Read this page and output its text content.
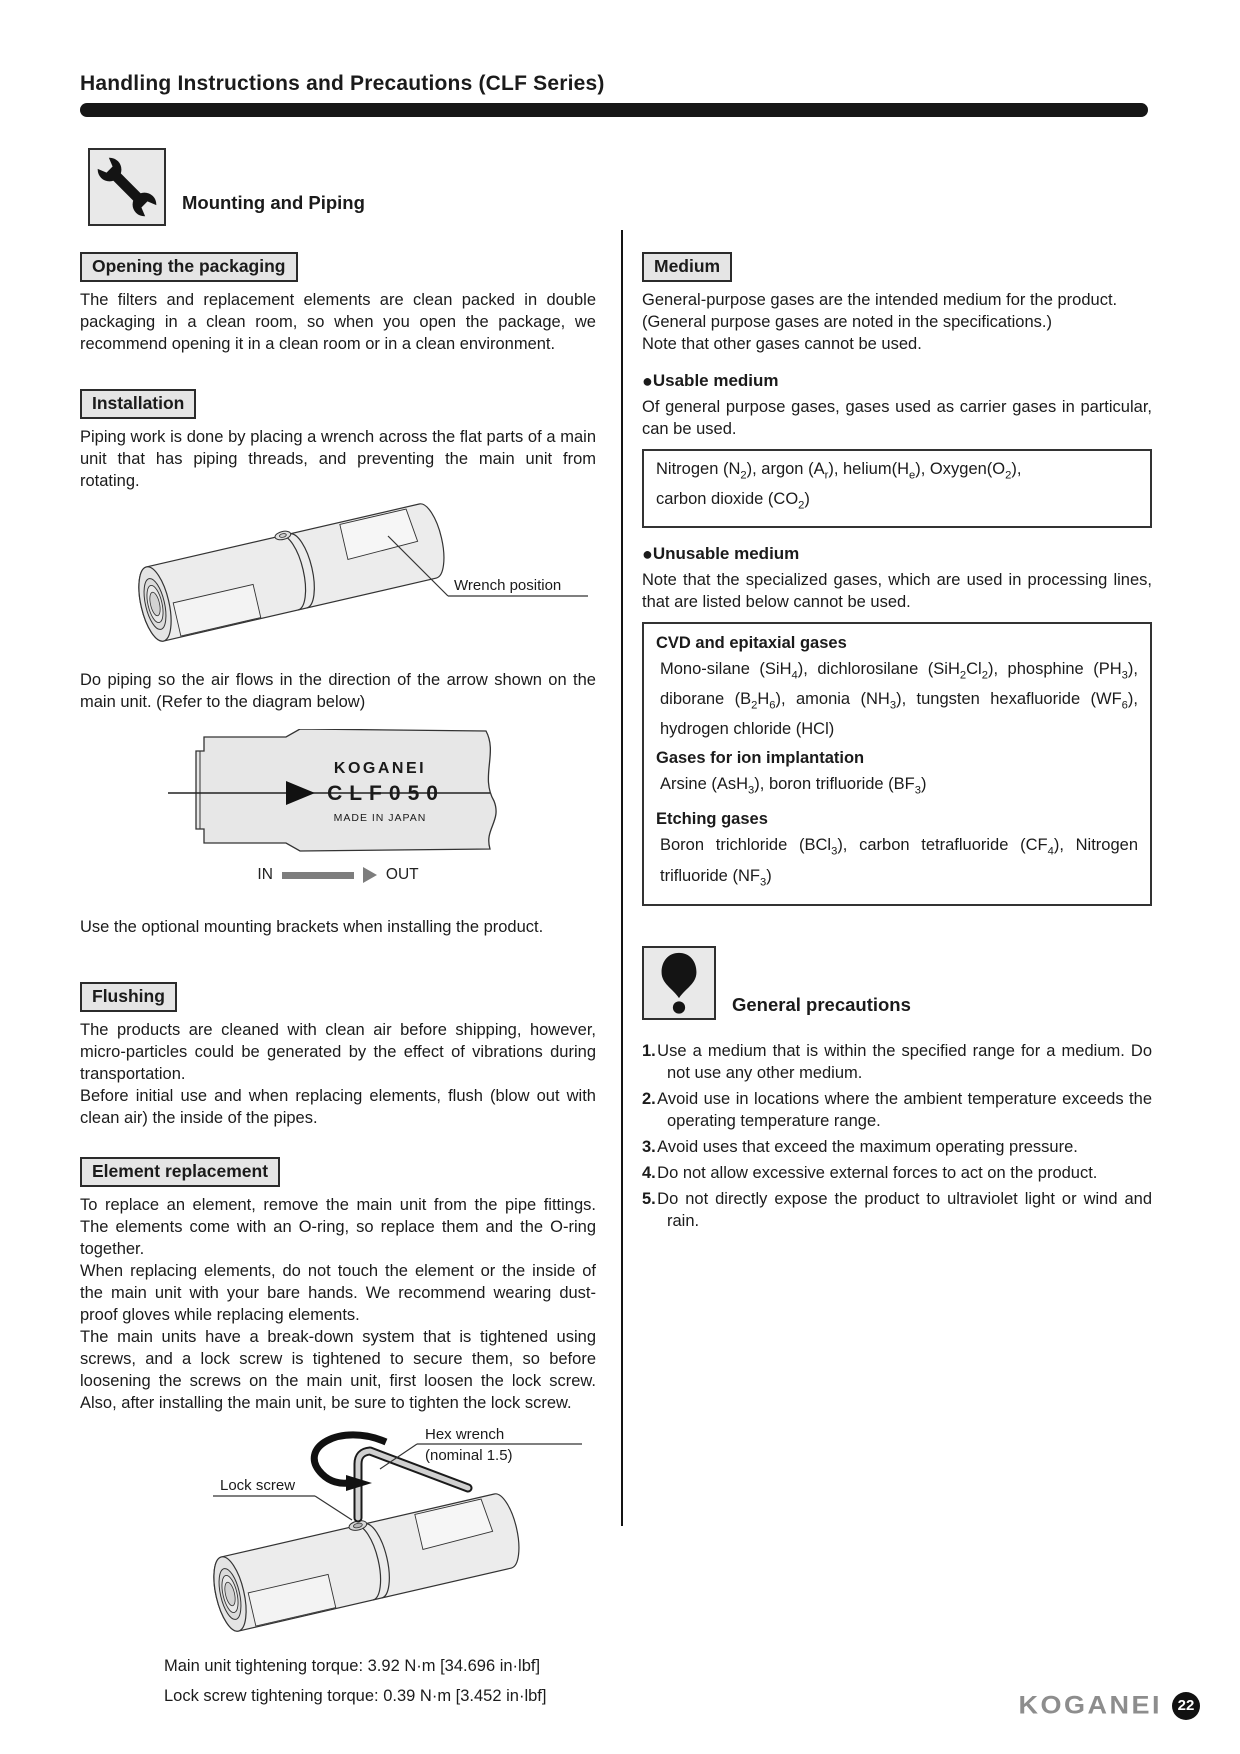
Handling Instructions and Precautions (CLF Series)
Mounting and Piping
Opening the packaging

The filters and replacement elements are clean packed in double packaging in a clean room, so when you open the package, we recommend opening it in a clean room or in a clean environment.

Installation

Piping work is done by placing a wrench across the flat parts of a main unit that has piping threads, and preventing the main unit from rotating.

Wrench position

Do piping so the air flows in the direction of the arrow shown on the main unit. (Refer to the diagram below)

KOGANEI
CLF050
MADE IN JAPAN
IN	OUT

Use the optional mounting brackets when installing the product.

Flushing

The products are cleaned with clean air before shipping, however, micro-particles could be generated by the effect of vibrations during transportation.

Before initial use and when replacing elements, flush (blow out with clean air) the inside of the pipes.

Element replacement

To replace an element, remove the main unit from the pipe fittings. The elements come with an O-ring, so replace them and the O-ring together.

When replacing elements, do not touch the element or the inside of the main unit with your bare hands. We recommend wearing dust-proof gloves while replacing elements.

The main units have a break-down system that is tightened using screws, and a lock screw is tightened to secure them, so before loosening the screws on the main unit, first loosen the lock screw. Also, after installing the main unit, be sure to tighten the lock screw.

Hex wrench
(nominal 1.5)
Lock screw

Main unit tightening torque: 3.92 N·m [34.696 in·lbf]

Lock screw tightening torque: 0.39 N·m [3.452 in·lbf]

Medium

General-purpose gases are the intended medium for the product.

(General purpose gases are noted in the specifications.)

Note that other gases cannot be used.

●Usable medium

Of general purpose gases, gases used as carrier gases in particular, can be used.

Nitrogen $(N_2)$, argon $(A_r)$, $helium(H_e)$, $Oxygen(O_2)$,
carbon dioxide $(CO_2)$

●Unusable medium

Note that the specialized gases, which are used in processing lines, that are listed below cannot be used.

CVD and epitaxial gases

Mono-silane (SiH$_4$), dichlorosilane $(SiH_2Cl_2)$, phosphine $(PH_3)$, diborane $(B_2H_6)$, amonia $(NH_3)$, tungsten hexafluoride $(WF_6)$, hydrogen chloride (HCl)

Gases for ion implantation

Arsine (AsH$_3$), boron trifluoride $(BF_3)$

Etching gases

Boron trichloride (BCl$_3$), carbon tetrafluoride $(CF_4)$, Nitrogen trifluoride $(NF_3)$

General precautions

1. Use a medium that is within the specified range for a medium. Do not use any other medium.

2. Avoid use in locations where the ambient temperature exceeds the operating temperature range.

3. Avoid uses that exceed the maximum operating pressure.

4. Do not allow excessive external forces to act on the product.

5. Do not directly expose the product to ultraviolet light or wind and rain.

KOGANEI	22
